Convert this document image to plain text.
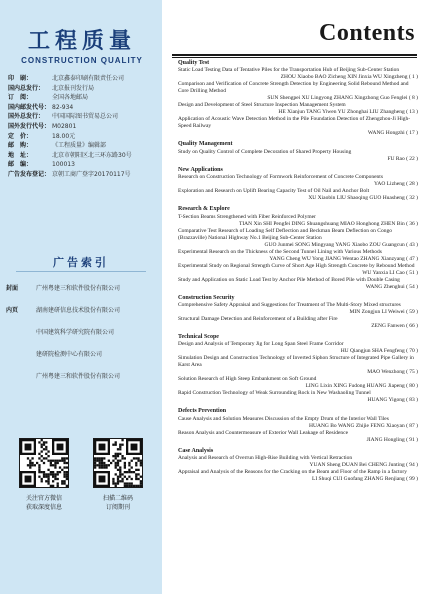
工程质量
CONSTRUCTION QUALITY
印　刷：	北京鑫泰印刷有限责任公司
国内总发行：	北京报刊发行局
订　阅：	全国各地邮局
国内邮发代号： 82-934
国外总发行：	中国国际图书贸易总公司
国外发行代号： M02801
定　价：	18.00元
邮　购：	《工程质量》编辑部
地　址：	北京市朝阳区北三环东路30号
邮　编：	100013
广告发布登记： 京朝工商广登字20170117号
广告索引
封面	广州粤建三和软件股份有限公司
内页	湖南建研信息技术股份有限公司
中国建筑科学研究院有限公司
建研院检测中心有限公司
广州粤建三和软件股份有限公司
关注官方微信
获取深度信息
扫描二维码
订阅期刊
Contents
Quality Test
Static Load Testing Data of Tentative Piles for the Transportation Hub of Beijing Sub-Center Station
ZHOU Xiaobo BAO Zicheng XIN Jinxia WU Xingzheng ( 1 )
Comparison and Verification of Concrete Strength Detection by Engineering Solid Rebound Method and Core Drilling Method
SUN Shengpei XU Lingyong ZHANG Xingzhong Guo Fenglei ( 8 )
Design and Development of Steel Structure Inspection Management System
HE Xianjun TANG Yiwen YU Zhonghai LIU Zhangheng ( 13 )
Application of Acoustic Wave Detection Method in the Pile Foundation Detection of Zhengzhou-Ji High-Speed Railway
WANG Hongzhi ( 17 )
Quality Management
Study on Quality Control of Complete Decoration of Shared Property Housing
FU Rao ( 22 )
New Applications
Research on Construction Technology of Formwork Reinforcement of Concrete Components
YAO Lizheng ( 28 )
Exploration and Research on Uplift Bearing Capacity Test of Oil Nail and Anchor Bolt
XU Xiaobin LIU Shaoqing GUO Huasheng ( 32 )
Research & Explore
T-Section Beams Strengthened with Fiber Reinforced Polymer
TIAN Xin SHI Pengfei DING Shuangshuang MIAO Honghong ZHEN Bin ( 36 )
Comparative Test Research of Loading Self Deflection and Beckman Beam Deflection on Congo (Brazzaville) National Highway No.1 Beijing Sub-Center Station
GUO Junmei SONG Mingyang YANG Xiaobo ZOU Guangcun ( 43 )
Experimental Research on the Thickness of the Second Tunnel Lining with Various Methods
YANG Cheng WU Yong JIANG Wentao ZHANG Xianzyang ( 47 )
Experimental Study on Regional Strength Curve of Short Age High Strength Concrete by Rebound Method
WU Yanxia LI Cao ( 51 )
Study and Application on Static Load Test by Anchor Pile Method of Bored Pile with Double Casing
WANG Zhenghui ( 54 )
Construction Security
Comprehensive Safety Appraisal and Suggestions for Treatment of The Multi-Story Mixed structures
MIN Zongjun LI Weiwei ( 59 )
Structural Damage Detection and Reinforcement of a Building after Fire
ZENG Fanwen ( 66 )
Technical Scope
Design and Analysis of Temporary Jig for Long Span Steel Frame Corridor
HU Qiangjun SHA Fengfeng ( 70 )
Simulation Design and Construction Technology of Inverted Siphon Structure of Integrated Pipe Gallery in Karst Area
MAO Wenzhong ( 75 )
Solution Research of High Steep Embankment on Soft Ground
LING Lixin XING Fudong HUANG Jiapeng ( 80 )
Rapid Construction Technology of Weak Surrounding Rock in New Washaoling Tunnel
HUANG Yigong ( 83 )
Defects Prevention
Cause Analysis and Solution Measures Discussion of the Empty Drum of the Interior Wall Tiles
HUANG Bo WANG Zhijie FENG Xiaoyan ( 87 )
Reason Analysis and Countermeasure of Exterior Wall Leakage of Residence
JIANG Hongling ( 91 )
Case Analysis
Analysis and Research of Overrun High-Rise Building with Vertical Retraction
YUAN Sheng DUAN Bei CHENG Junting ( 94 )
Appraisal and Analysis of the Reasons for the Cracking on the Beam and Floor of the Ramp in a factory
LI Shuqi CUI Guofang ZHANG Renjiang ( 99 )
